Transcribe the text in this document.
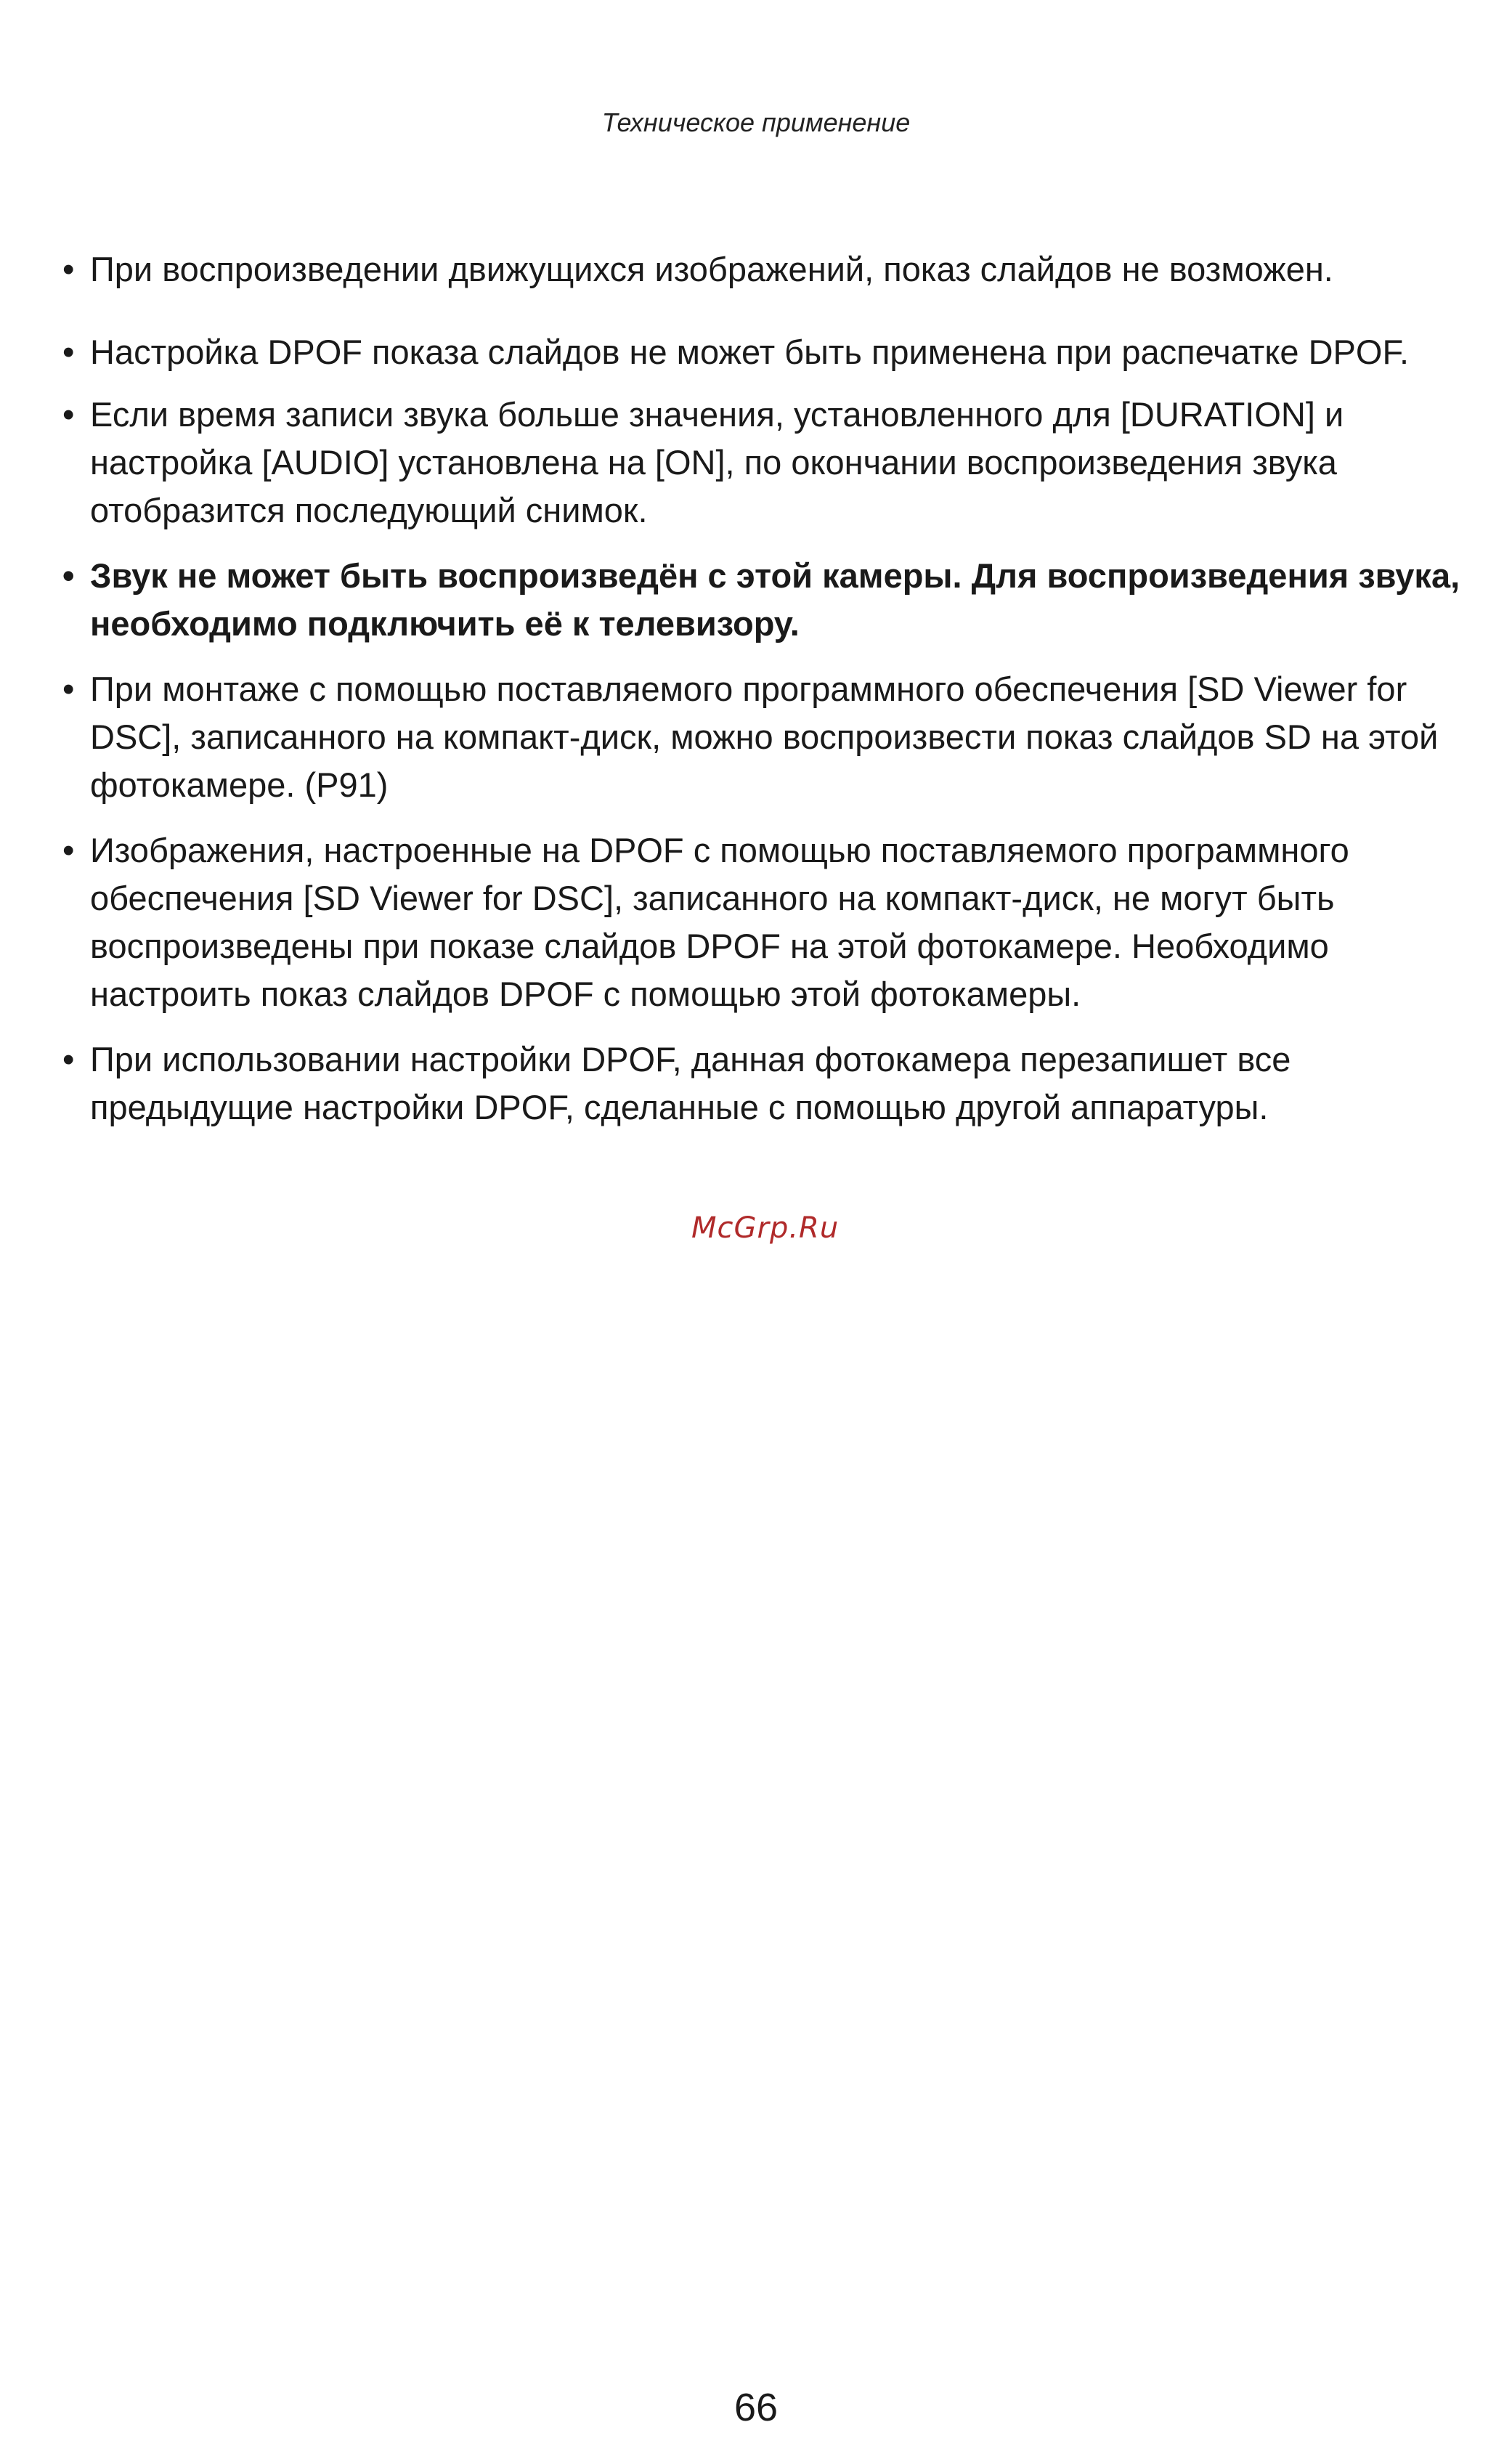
Техническое применение
• При воспроизведении движущихся изображений, показ слайдов не возможен.
• Настройка DPOF показа слайдов не может быть применена при распечатке DPOF.
• Если время записи звука больше значения, установленного для [DURATION] и настройка [AUDIO] установлена на [ON], по окончании воспроизведения звука отобразится последующий снимок.
• Звук не может быть воспроизведён с этой камеры. Для воспроизведения звука, необходимо подключить её к телевизору.
• При монтаже с помощью поставляемого программного обеспечения [SD Viewer for DSC], записанного на компакт-диск, можно воспроизвести показ слайдов SD на этой фотокамере. (P91)
• Изображения, настроенные на DPOF с помощью поставляемого программного обеспечения [SD Viewer for DSC], записанного на компакт-диск, не могут быть воспроизведены при показе слайдов DPOF на этой фотокамере. Необходимо настроить показ слайдов DPOF с помощью этой фотокамеры.
• При использовании настройки DPOF, данная фотокамера перезапишет все предыдущие настройки DPOF, сделанные с помощью другой аппаратуры.
McGrp.Ru
66
